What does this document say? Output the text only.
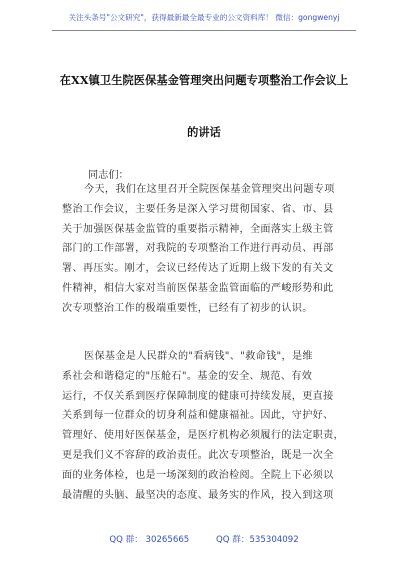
关注头条号"公文研究"，获得最新最全最专业的公文资料库！ 微信：gongwenyj
在XX镇卫生院医保基金管理突出问题专项整治工作会议上
的讲话
同志们：
今天，我们在这里召开全院医保基金管理突出问题专项
整治工作会议，主要任务是深入学习贯彻国家、省、市、县
关于加强医保基金监管的重要指示精神，全面落实上级主管
部门的工作部署，对我院的专项整治工作进行再动员、再部
署、再压实。刚才，会议已经传达了近期上级下发的有关文
件精神，相信大家对当前医保基金监管面临的严峻形势和此
次专项整治工作的极端重要性，已经有了初步的认识。
医保基金是人民群众的"看病钱"、"救命钱"，是维
系社会和谐稳定的"压舱石"。基金的安全、规范、有效
运行，不仅关系到医疗保障制度的健康可持续发展，更直接
关系到每一位群众的切身利益和健康福祉。因此，守护好、
管理好、使用好医保基金，是医疗机构必须履行的法定职责，
更是我们义不容辞的政治责任。此次专项整治，既是一次全
面的业务体检，也是一场深刻的政治检阅。全院上下必须以
最清醒的头脑、最坚决的态度、最务实的作风，投入到这项
QQ 群： 30265665	QQ 群：535304092
